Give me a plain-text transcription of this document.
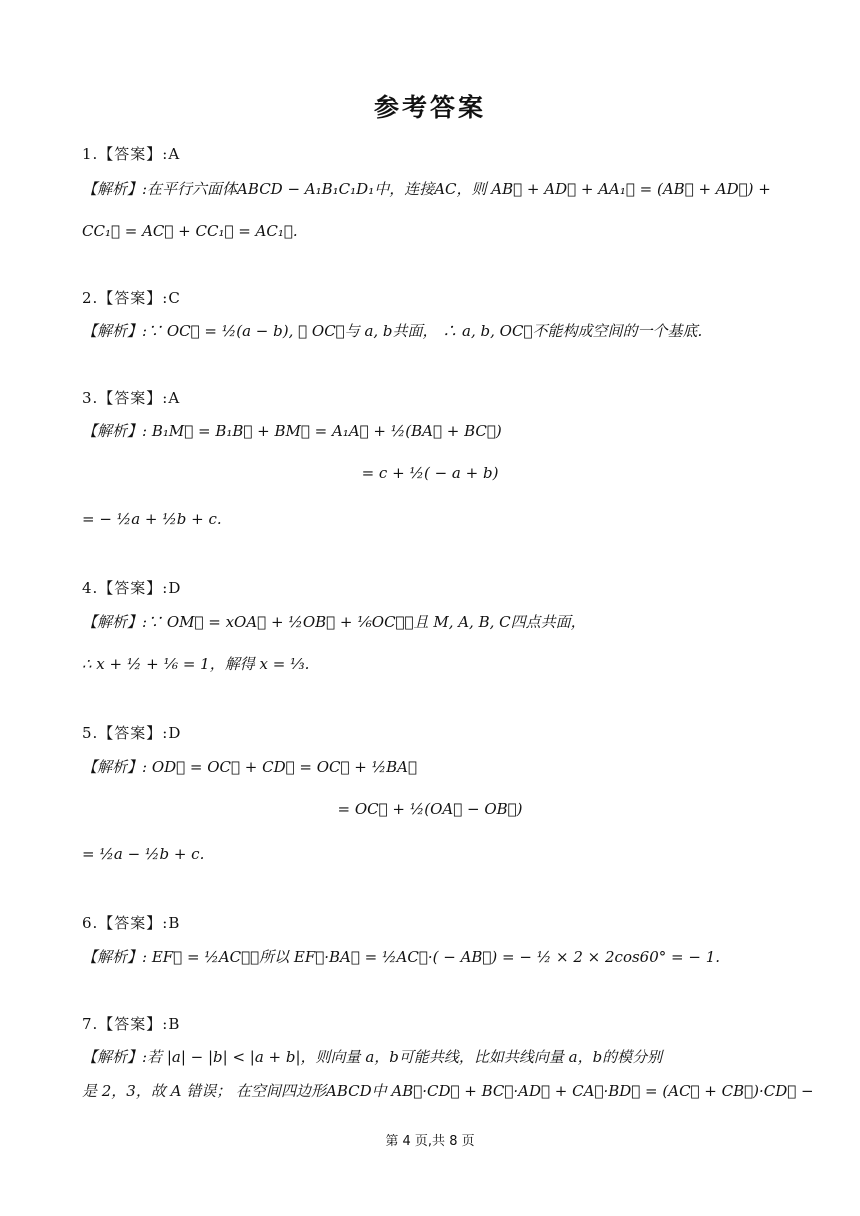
参考答案
1.【答案】:A
【解析】:在平行六面体ABCD − A₁B₁C₁D₁中，连接AC，则 AB⃗ + AD⃗ + AA₁⃗ = (AB⃗ + AD⃗) +
CC₁⃗ = AC⃗ + CC₁⃗ = AC₁⃗.
2.【答案】:C
【解析】:∵ OC⃗ = ½(a − b), ∴ OC⃗与 a, b共面， ∴ a, b, OC⃗不能构成空间的一个基底.
3.【答案】:A
【解析】: B₁M⃗ = B₁B⃗ + BM⃗ = A₁A⃗ + ½(BA⃗ + BC⃗)
= c + ½( − a + b)
= − ½a + ½b + c.
4.【答案】:D
【解析】:∵ OM⃗ = xOA⃗ + ½OB⃗ + ⅙OC⃗，且 M, A, B, C四点共面，
∴ x + ½ + ⅙ = 1，解得 x = ⅓.
5.【答案】:D
【解析】: OD⃗ = OC⃗ + CD⃗ = OC⃗ + ½BA⃗
= OC⃗ + ½(OA⃗ − OB⃗)
= ½a − ½b + c.
6.【答案】:B
【解析】: EF⃗ = ½AC⃗，所以 EF⃗·BA⃗ = ½AC⃗·( − AB⃗) = − ½ × 2 × 2cos60° = − 1.
7.【答案】:B
【解析】:若 |a| − |b| < |a + b|，则向量 a，b可能共线，比如共线向量 a，b的模分别
是 2，3，故 A 错误； 在空间四边形ABCD中 AB⃗·CD⃗ + BC⃗·AD⃗ + CA⃗·BD⃗ = (AC⃗ + CB⃗)·CD⃗ −
第 4 页,共 8 页
